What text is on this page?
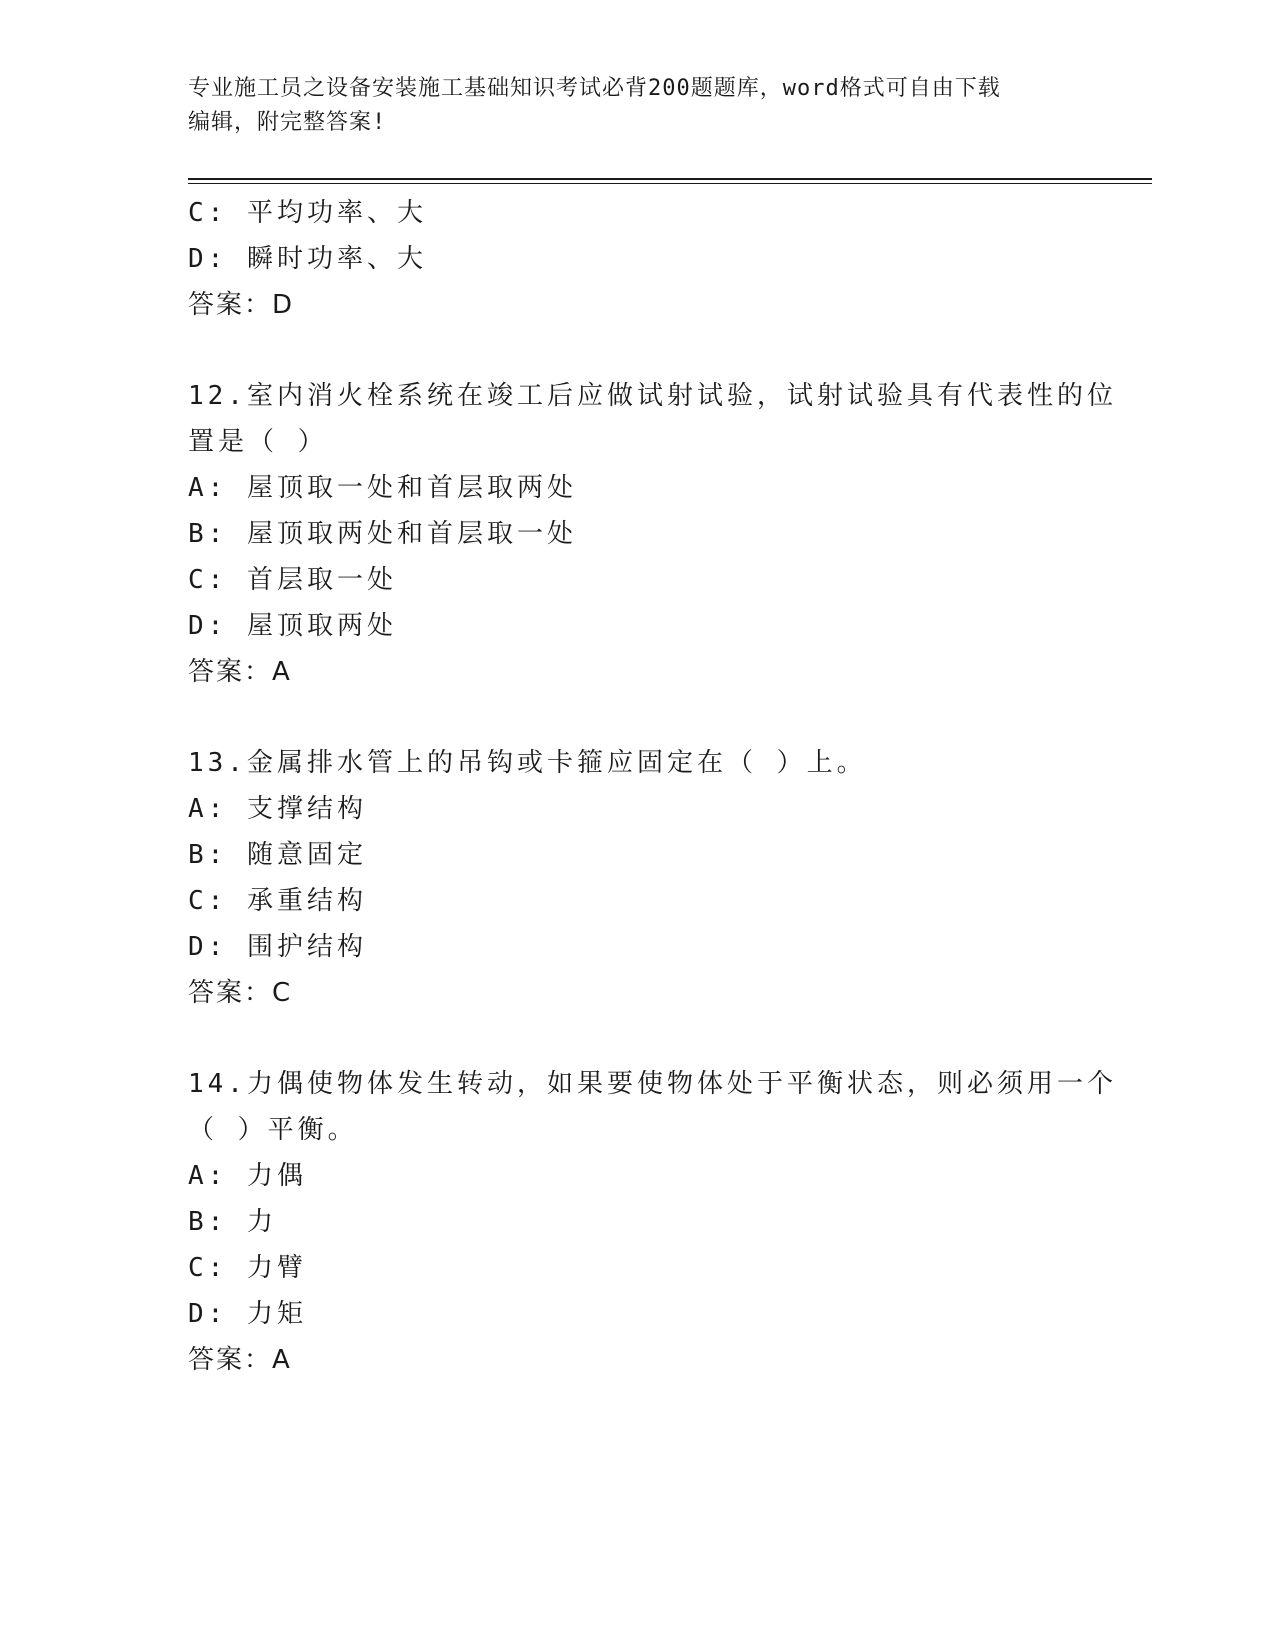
专业施工员之设备安装施工基础知识考试必背200题题库，word格式可自由下载
编辑，附完整答案!
C: 平均功率、大
D: 瞬时功率、大
答案：D
12.室内消火栓系统在竣工后应做试射试验，试射试验具有代表性的位
置是（ ）
A: 屋顶取一处和首层取两处
B: 屋顶取两处和首层取一处
C: 首层取一处
D: 屋顶取两处
答案：A
13.金属排水管上的吊钩或卡箍应固定在（ ）上。
A: 支撑结构
B: 随意固定
C: 承重结构
D: 围护结构
答案：C
14.力偶使物体发生转动，如果要使物体处于平衡状态，则必须用一个
（ ）平衡。
A: 力偶
B: 力
C: 力臂
D: 力矩
答案：A
